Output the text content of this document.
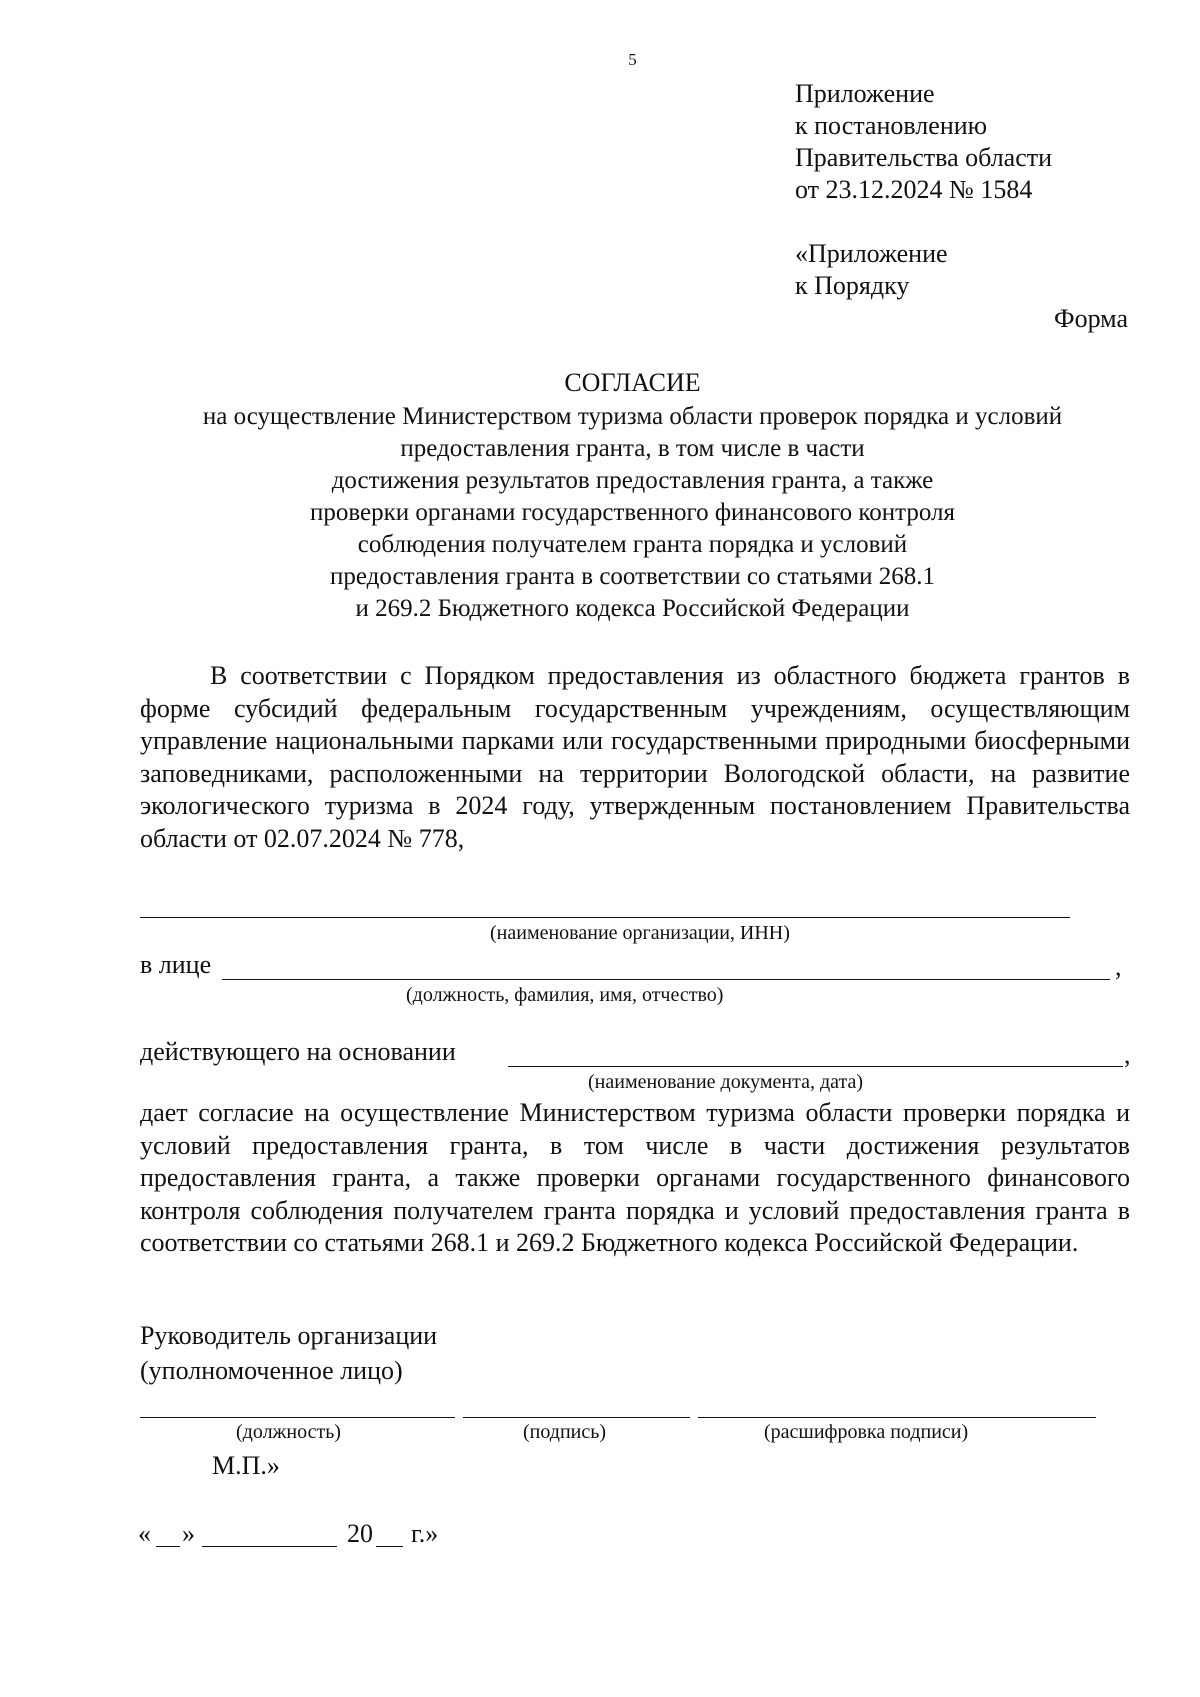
5
Приложение
к постановлению
Правительства области
от 23.12.2024 № 1584
«Приложение
к Порядку
Форма
СОГЛАСИЕ
на осуществление Министерством туризма области проверок порядка и условий
предоставления гранта, в том числе в части
достижения результатов предоставления гранта, а также
проверки органами государственного финансового контроля
соблюдения получателем гранта порядка и условий
предоставления гранта в соответствии со статьями 268.1
и 269.2 Бюджетного кодекса Российской Федерации
В соответствии с Порядком предоставления из областного бюджета грантов в форме субсидий федеральным государственным учреждениям, осуществляющим управление национальными парками или государственными природными биосферными заповедниками, расположенными на территории Вологодской области, на развитие экологического туризма в 2024 году, утвержденным постановлением Правительства области от 02.07.2024 № 778,
(наименование организации, ИНН)
в лице	,
(должность, фамилия, имя, отчество)
действующего на основании	,
(наименование документа, дата)
дает согласие на осуществление Министерством туризма области проверки порядка и условий предоставления гранта, в том числе в части достижения результатов предоставления гранта, а также проверки органами государственного финансового контроля соблюдения получателем гранта порядка и условий предоставления гранта в соответствии со статьями 268.1 и 269.2 Бюджетного кодекса Российской Федерации.
Руководитель организации
(уполномоченное лицо)
(должность)	(подпись)	(расшифровка подписи)
М.П.»
« »	20 г.»
